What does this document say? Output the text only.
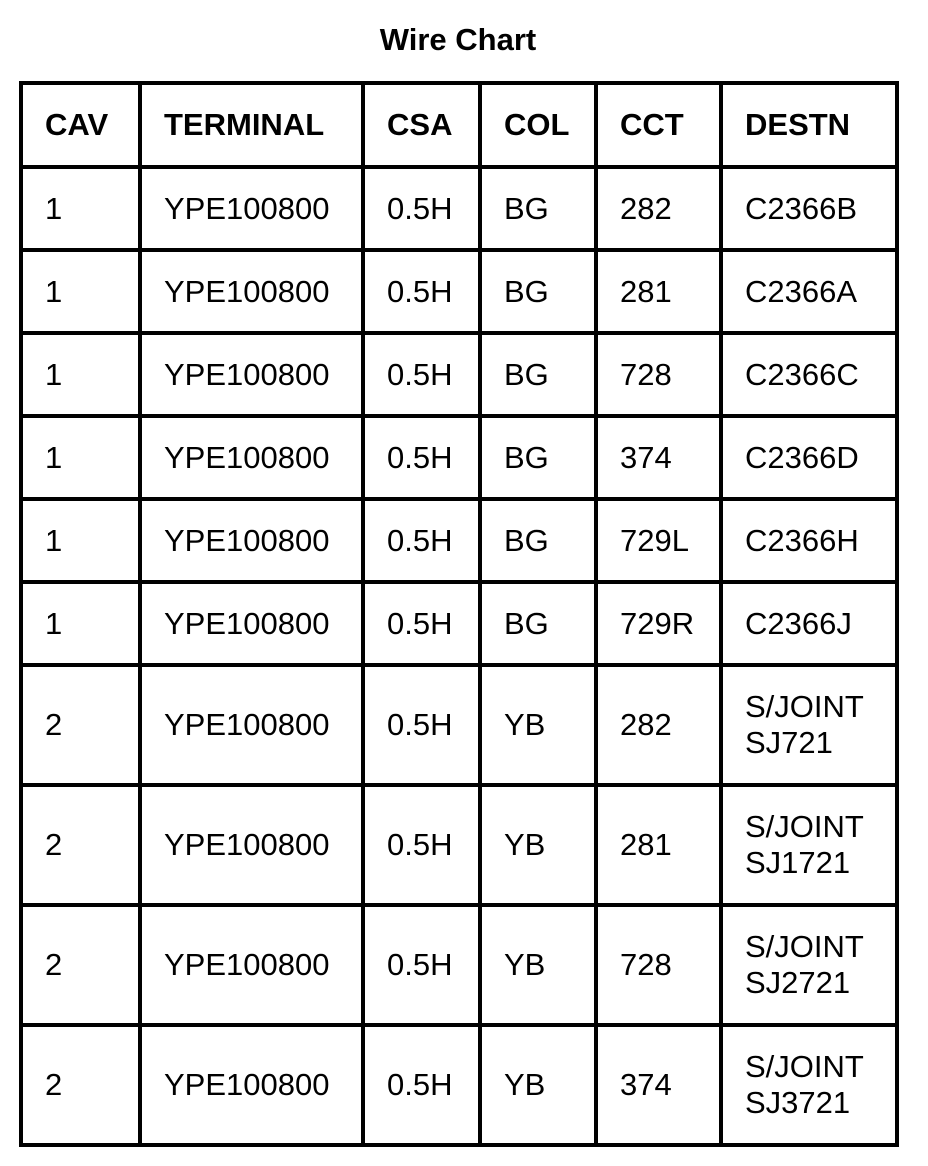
Wire Chart
CAV	TERMINAL	CSA	COL	CCT	DESTN
1	YPE100800	0.5H	BG	282	C2366B

1	YPE100800	0.5H	BG	281	C2366A

1	YPE100800	0.5H	BG	728	C2366C

1	YPE100800	0.5H	BG	374	C2366D

1	YPE100800	0.5H	BG	729L	C2366H

1	YPE100800	0.5H	BG	729R	C2366J

2	YPE100800	0.5H	YB	282	S/JOINT
SJ721

2	YPE100800	0.5H	YB	281	S/JOINT
SJ1721

2	YPE100800	0.5H	YB	728	S/JOINT
SJ2721

2	YPE100800	0.5H	YB	374	S/JOINT
SJ3721
